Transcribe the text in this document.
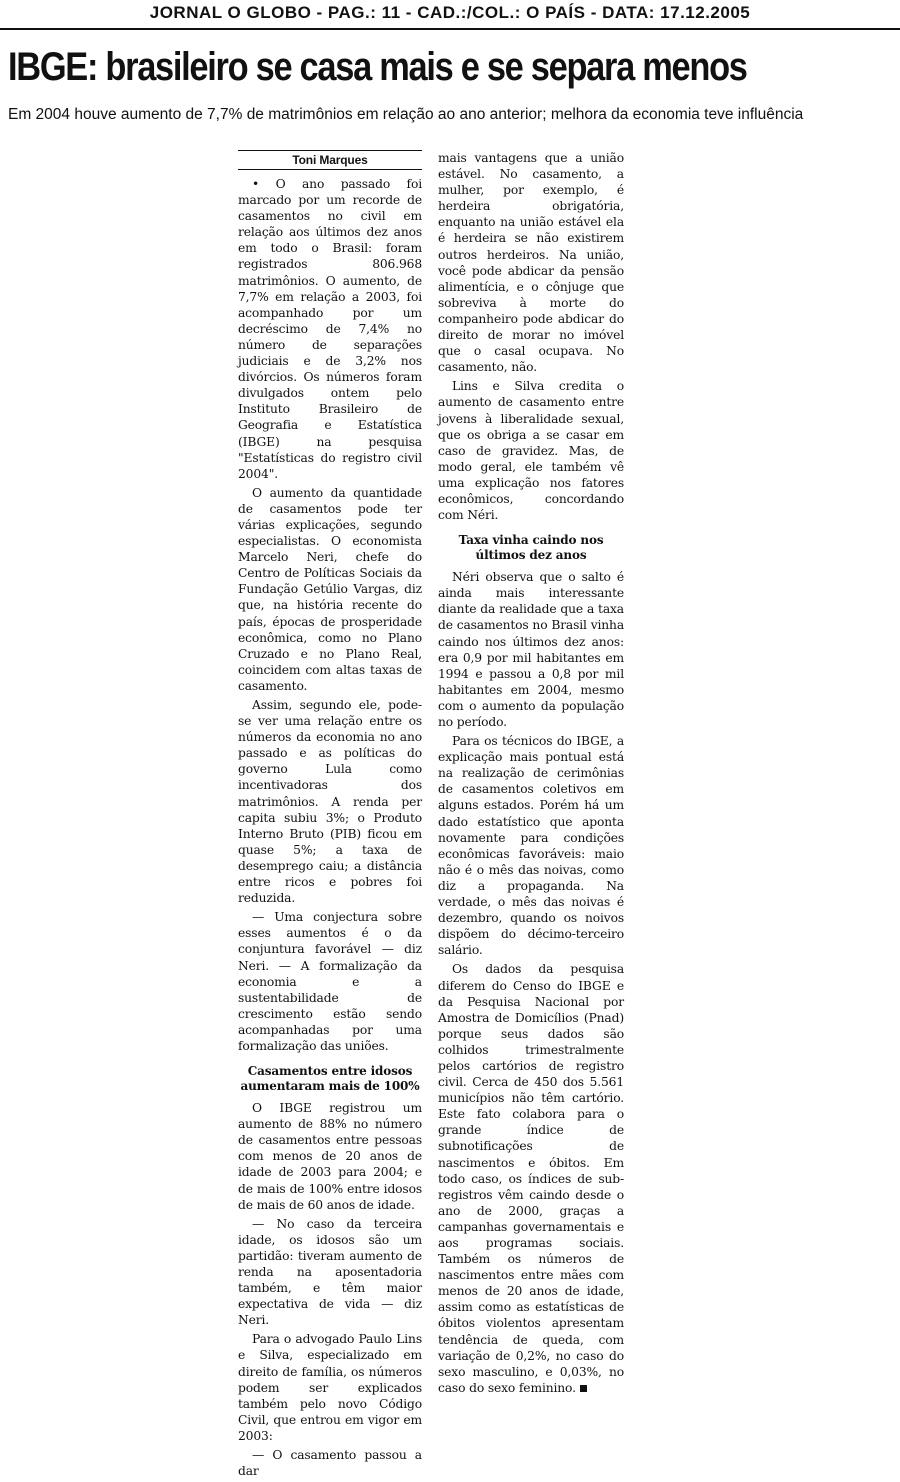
JORNAL O GLOBO - PAG.: 11 - CAD.:/COL.: O PAÍS - DATA: 17.12.2005
IBGE: brasileiro se casa mais e se separa menos
Em 2004 houve aumento de 7,7% de matrimônios em relação ao ano anterior; melhora da economia teve influência
Toni Marques

• O ano passado foi marcado por um recorde de casamentos no civil em relação aos últimos dez anos em todo o Brasil: foram registrados 806.968 matrimônios. O aumento, de 7,7% em relação a 2003, foi acompanhado por um decréscimo de 7,4% no número de separações judiciais e de 3,2% nos divórcios. Os números foram divulgados ontem pelo Instituto Brasileiro de Geografia e Estatística (IBGE) na pesquisa "Estatísticas do registro civil 2004".

O aumento da quantidade de casamentos pode ter várias explicações, segundo especialistas. O economista Marcelo Neri, chefe do Centro de Políticas Sociais da Fundação Getúlio Vargas, diz que, na história recente do país, épocas de prosperidade econômica, como no Plano Cruzado e no Plano Real, coincidem com altas taxas de casamento.

Assim, segundo ele, pode-se ver uma relação entre os números da economia no ano passado e as políticas do governo Lula como incentivadoras dos matrimônios. A renda per capita subiu 3%; o Produto Interno Bruto (PIB) ficou em quase 5%; a taxa de desemprego caiu; a distância entre ricos e pobres foi reduzida.

— Uma conjectura sobre esses aumentos é o da conjuntura favorável — diz Neri. — A formalização da economia e a sustentabilidade de crescimento estão sendo acompanhadas por uma formalização das uniões.

Casamentos entre idosos aumentaram mais de 100%

O IBGE registrou um aumento de 88% no número de casamentos entre pessoas com menos de 20 anos de idade de 2003 para 2004; e de mais de 100% entre idosos de mais de 60 anos de idade.

— No caso da terceira idade, os idosos são um partidão: tiveram aumento de renda na aposentadoria também, e têm maior expectativa de vida — diz Neri.

Para o advogado Paulo Lins e Silva, especializado em direito de família, os números podem ser explicados também pelo novo Código Civil, que entrou em vigor em 2003:

— O casamento passou a dar

mais vantagens que a união estável. No casamento, a mulher, por exemplo, é herdeira obrigatória, enquanto na união estável ela é herdeira se não existirem outros herdeiros. Na união, você pode abdicar da pensão alimentícia, e o cônjuge que sobreviva à morte do companheiro pode abdicar do direito de morar no imóvel que o casal ocupava. No casamento, não.

Lins e Silva credita o aumento de casamento entre jovens à liberalidade sexual, que os obriga a se casar em caso de gravidez. Mas, de modo geral, ele também vê uma explicação nos fatores econômicos, concordando com Néri.

Taxa vinha caindo nos últimos dez anos

Néri observa que o salto é ainda mais interessante diante da realidade que a taxa de casamentos no Brasil vinha caindo nos últimos dez anos: era 0,9 por mil habitantes em 1994 e passou a 0,8 por mil habitantes em 2004, mesmo com o aumento da população no período.

Para os técnicos do IBGE, a explicação mais pontual está na realização de cerimônias de casamentos coletivos em alguns estados. Porém há um dado estatístico que aponta novamente para condições econômicas favoráveis: maio não é o mês das noivas, como diz a propaganda. Na verdade, o mês das noivas é dezembro, quando os noivos dispõem do décimo-terceiro salário.

Os dados da pesquisa diferem do Censo do IBGE e da Pesquisa Nacional por Amostra de Domicílios (Pnad) porque seus dados são colhidos trimestralmente pelos cartórios de registro civil. Cerca de 450 dos 5.561 municípios não têm cartório. Este fato colabora para o grande índice de subnotificações de nascimentos e óbitos. Em todo caso, os índices de sub-registros vêm caindo desde o ano de 2000, graças a campanhas governamentais e aos programas sociais. Também os números de nascimentos entre mães com menos de 20 anos de idade, assim como as estatísticas de óbitos violentos apresentam tendência de queda, com variação de 0,2%, no caso do sexo masculino, e 0,03%, no caso do sexo feminino.
